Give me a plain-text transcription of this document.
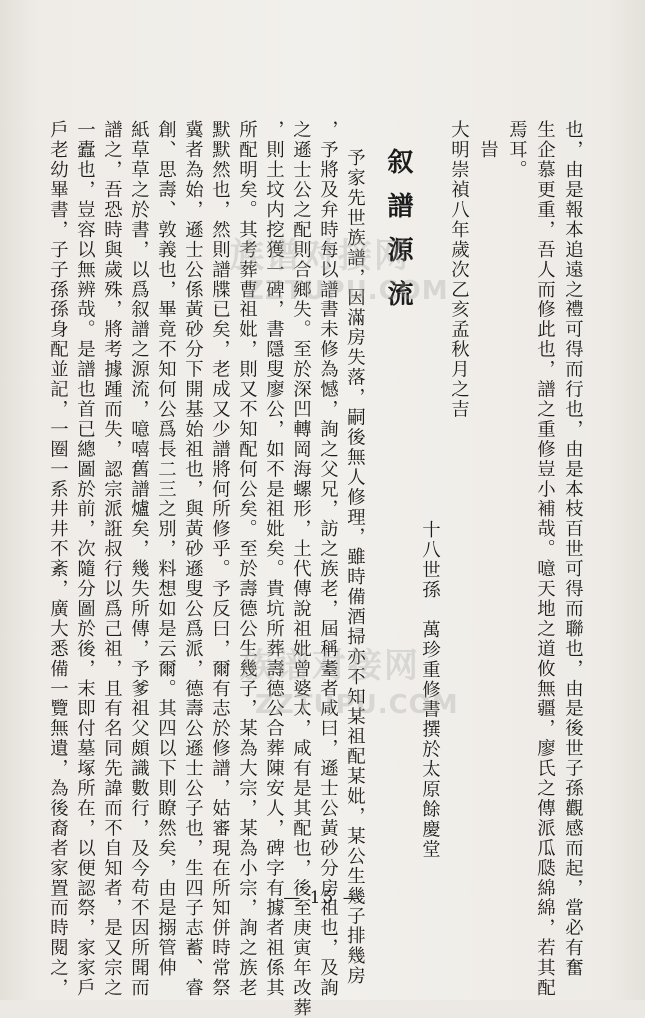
也，由是報本追遠之禮可得而行也，由是本枝百世可得而聯也，由是後世子孫觀感而起，當必有奮
生企慕更重，吾人而修此也，譜之重修豈小補哉。噫天地之道攸無疆，廖氏之傳派瓜瓞綿綿，若其配
焉耳。
旹
大明崇禎八年歲次乙亥孟秋月之吉
十八世孫　萬珍重修書撰於太原餘慶堂
叙譜源流
予家先世族譜，因滿房失落，嗣後無人修理，雖時備酒掃亦不知某祖配某妣，某公生幾子排幾房
，予將及弁時每以譜書未修為憾，詢之父兄，訪之族老，屆稱耋者咸曰，遜士公黃砂分房祖也，及詢
之遜士公之配則合鄉失。至於深凹轉岡海螺形，土代傳說祖妣曾婆太，咸有是其配也，後至庚寅年改葬
，則土坟内挖獲一碑，書隱叟廖公，如不是祖妣矣。貴坑所葬壽德公合葬陳安人，碑字有據者祖係其
所配明矣。其考葬曹祖妣，則又不知配何公矣。至於壽德公生幾子，某為大宗，某為小宗，詢之族老
默默然也，然則譜牒已矣，老成又少譜將何所修乎。予反曰，爾有志於修譜，姑審現在所知併時常祭
冀者為始，遜士公係黃砂分下開基始祖也，與黃砂遜叟公爲派，德壽公遜士公子也，生四子志蓄、睿
創、思壽、敦義也，畢竟不知何公爲長二三之別，料想如是云爾。其四以下則瞭然矣，由是搦管伸
紙草草之於書，以爲叙譜之源流，噫嘻舊譜爐矣，幾失所傳，予爹祖父頗識數行，及今苟不因所聞而
譜之，吾恐時與歲殊，將考據踵而失，認宗派誑叔行以爲己祖，且有名同先諱而不自知者，是又宗之
一蠹也，豈容以無辨哉。是譜也首已總圖於前，次隨分圖於後，末即付墓塚所在，以便認祭，家家戶
戶老幼畢書，子子孫孫身配並記，一圈一系井井不紊，廣大悉備一覽無遺，為後裔者家置而時閱之，	— 15 —
族谱对接网
ZZTUPU.COM
族谱对接网
ZZTUPU.COM
